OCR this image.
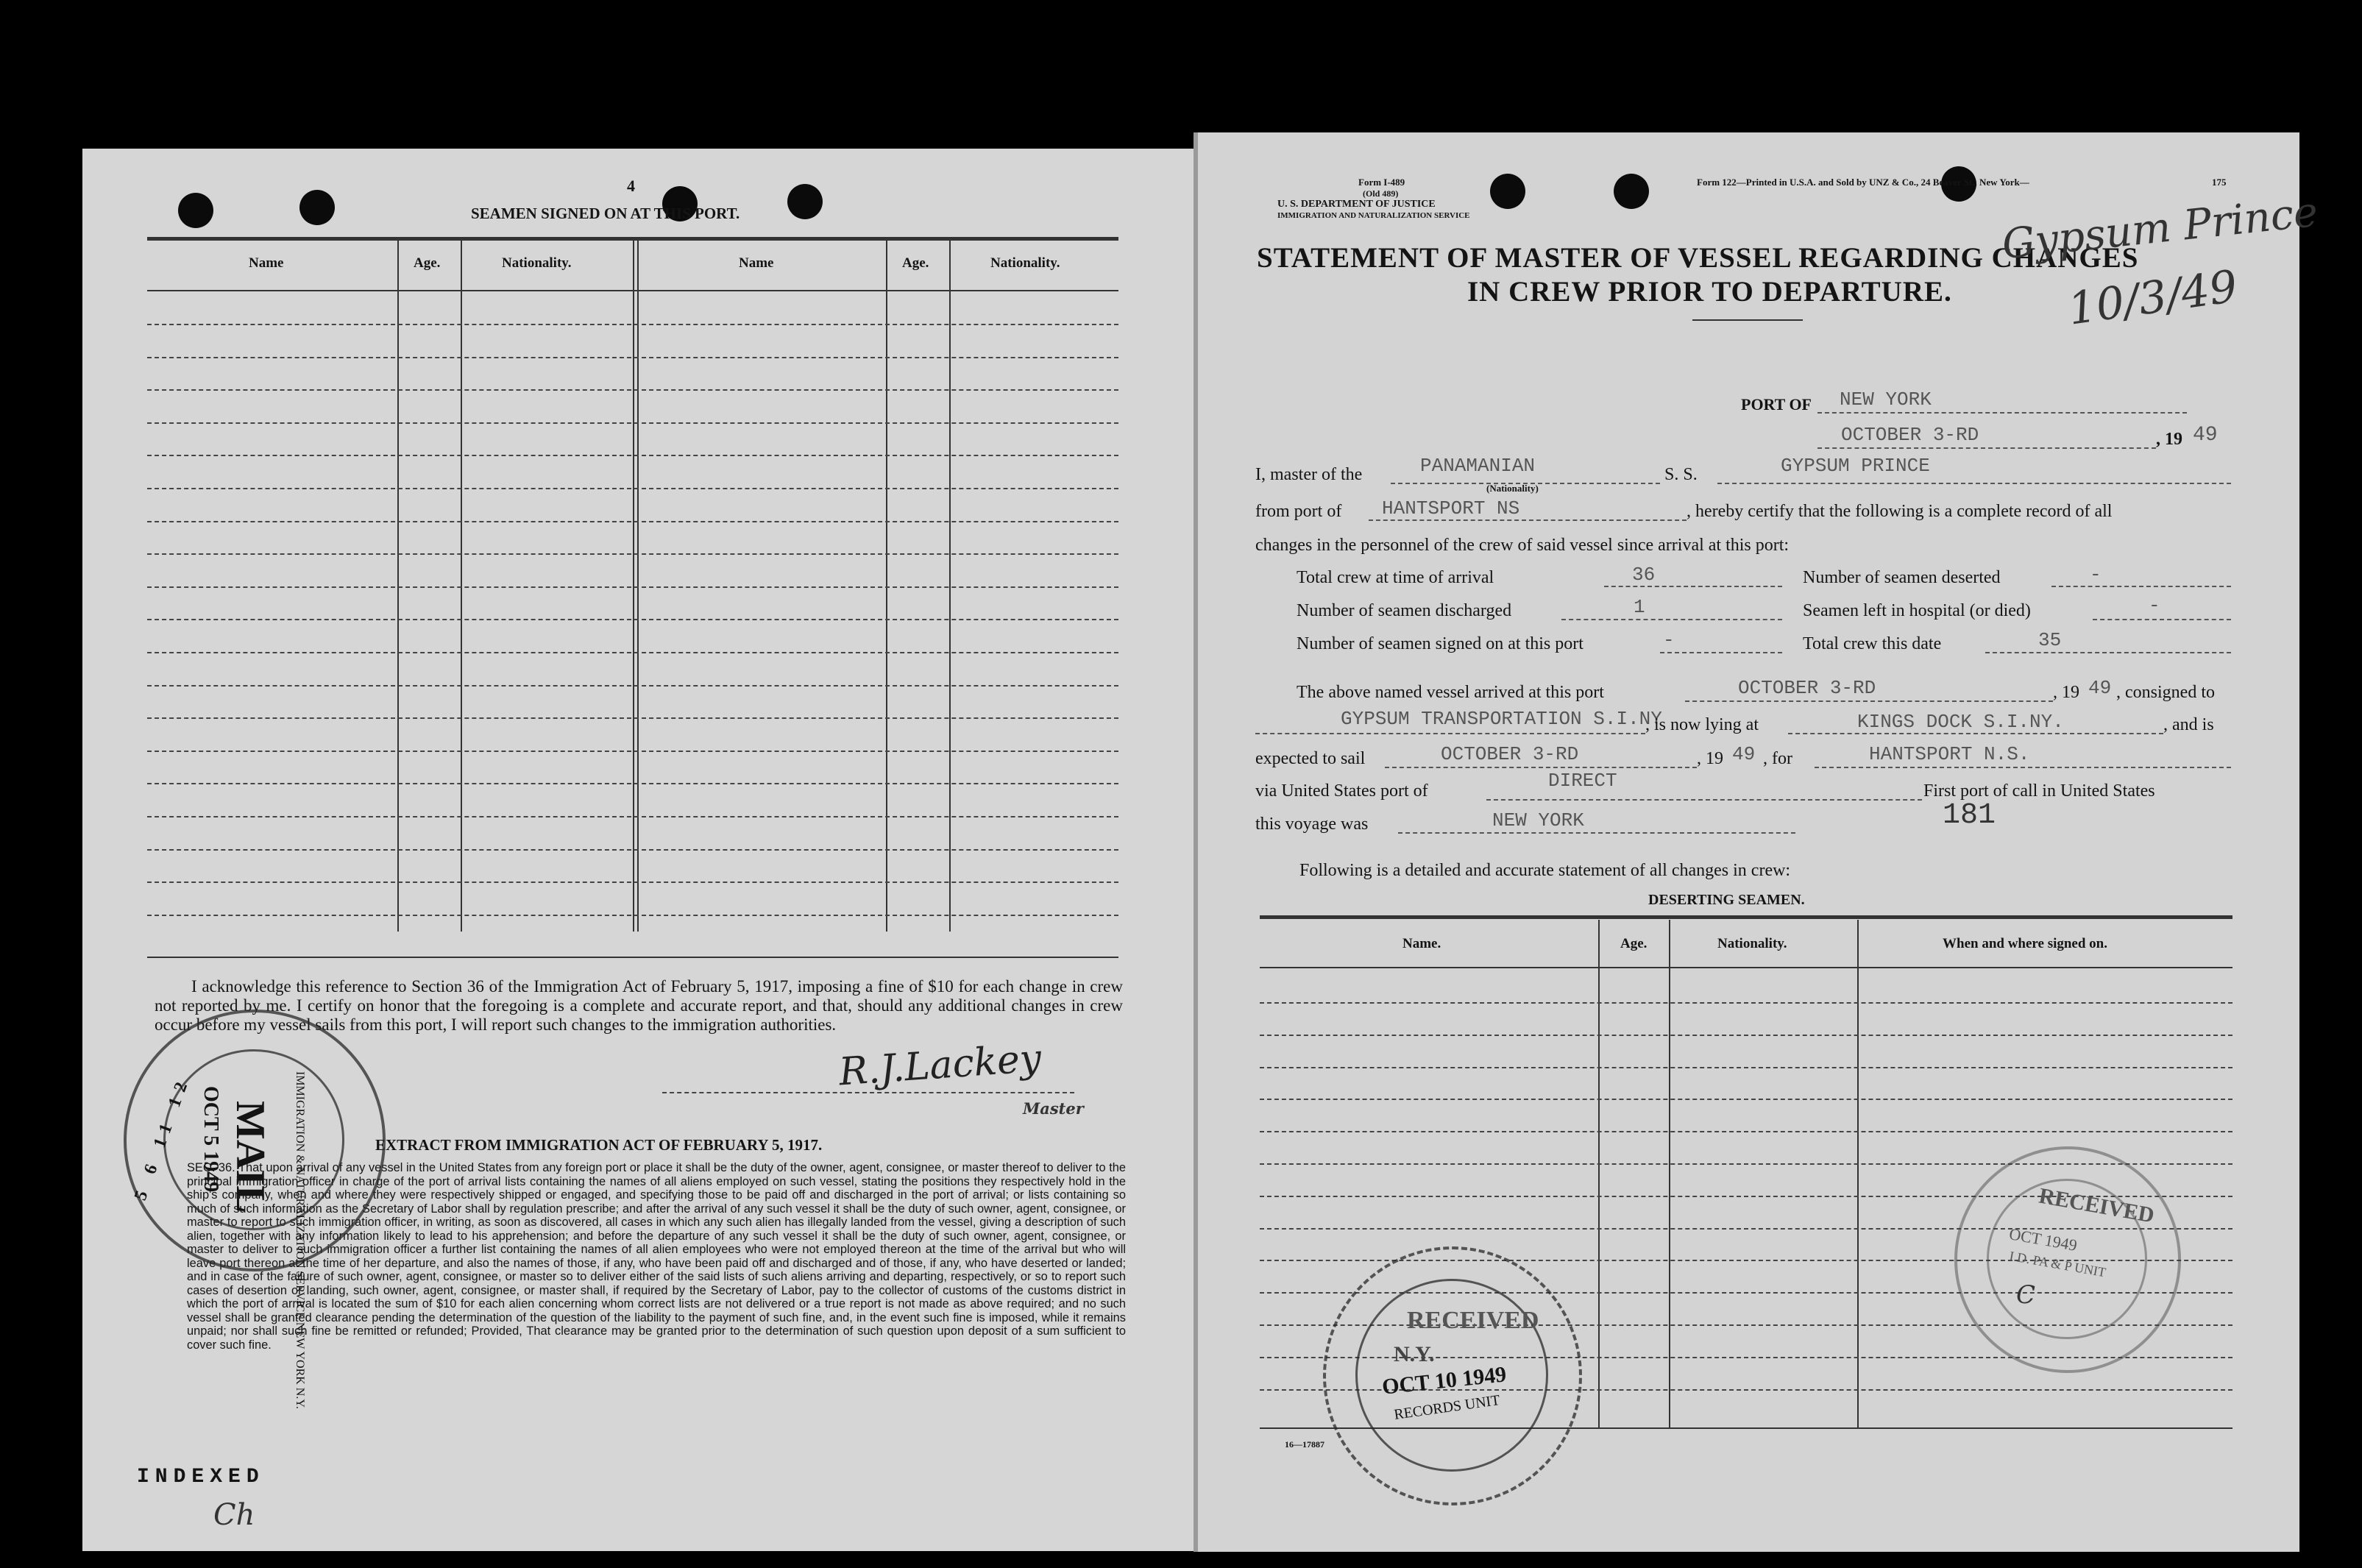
4
SEAMEN SIGNED ON AT THIS PORT.
Name	Age.	Nationality.	Name	Age.	Nationality.
I acknowledge this reference to Section 36 of the Immigration Act of February 5, 1917, imposing a fine of $10 for each change in crew not reported by me. I certify on honor that the foregoing is a complete and accurate report, and that, should any additional changes in crew occur before my vessel sails from this port, I will report such changes to the immigration authorities.
R.J.Lackey
Master
EXTRACT FROM IMMIGRATION ACT OF FEBRUARY 5, 1917.
SEC. 36. That upon arrival of any vessel in the United States from any foreign port or place it shall be the duty of the owner, agent, consignee, or master thereof to deliver to the principal immigration officer in charge of the port of arrival lists containing the names of all aliens employed on such vessel, stating the positions they respectively hold in the ship's company, when and where they were respectively shipped or engaged, and specifying those to be paid off and discharged in the port of arrival; or lists containing so much of such information as the Secretary of Labor shall by regulation prescribe; and after the arrival of any such vessel it shall be the duty of such owner, agent, consignee, or master to report to such immigration officer, in writing, as soon as discovered, all cases in which any such alien has illegally landed from the vessel, giving a description of such alien, together with any information likely to lead to his apprehension; and before the departure of any such vessel it shall be the duty of such owner, agent, consignee, or master to deliver to such immigration officer a further list containing the names of all alien employees who were not employed thereon at the time of the arrival but who will leave port thereon at the time of her departure, and also the names of those, if any, who have been paid off and discharged and of those, if any, who have deserted or landed; and in case of the failure of such owner, agent, consignee, or master so to deliver either of the said lists of such aliens arriving and departing, respectively, or so to report such cases of desertion or landing, such owner, agent, consignee, or master shall, if required by the Secretary of Labor, pay to the collector of customs of the customs district in which the port of arrival is located the sum of $10 for each alien concerning whom correct lists are not delivered or a true report is not made as above required; and no such vessel shall be granted clearance pending the determination of the question of the liability to the payment of such fine, and, in the event such fine is imposed, while it remains unpaid; nor shall such fine be remitted or refunded; Provided, That clearance may be granted prior to the determination of such question upon deposit of a sum sufficient to cover such fine.
INDEXED
Ch
MAIL
OCT 5 1949	IMMIGRATION & NATURALIZATION SERVICE NEW YORK N.Y.
5 6 11 12
Form I-489
(Old 489)
U. S. DEPARTMENT OF JUSTICE
IMMIGRATION AND NATURALIZATION SERVICE
Form 122—Printed in U.S.A. and Sold by UNZ & Co., 24 Beaver St., New York—	175
STATEMENT OF MASTER OF VESSEL REGARDING CHANGES
IN CREW PRIOR TO DEPARTURE.
Gypsum Prince
10/3/49
PORT OF NEW YORK
OCTOBER 3-RD	, 19 49
I, master of the	PANAMANIAN
(Nationality)
S. S.	GYPSUM PRINCE
from port of HANTSPORT NS	, hereby certify that the following is a complete record of all
changes in the personnel of the crew of said vessel since arrival at this port:
Total crew at time of arrival	36	Number of seamen deserted	-
Number of seamen discharged	1	Seamen left in hospital (or died)	-
Number of seamen signed on at this port	-	Total crew this date	35
The above named vessel arrived at this port	OCTOBER 3-RD	, 19 49 , consigned to
GYPSUM TRANSPORTATION S.I.NY
, is now lying at	KINGS DOCK S.I.NY.	, and is
expected to sail	OCTOBER 3-RD	, 19 49 , for	HANTSPORT N.S.
via United States port of	DIRECT	First port of call in United States
this voyage was	NEW YORK	181
Following is a detailed and accurate statement of all changes in crew:
DESERTING SEAMEN.
Name.	Age.	Nationality.	When and where signed on.
16—17887
RECEIVED
N.Y.
OCT 10 1949
RECORDS UNIT
RECEIVED
OCT 1949
I.D. PA & P UNIT
C
